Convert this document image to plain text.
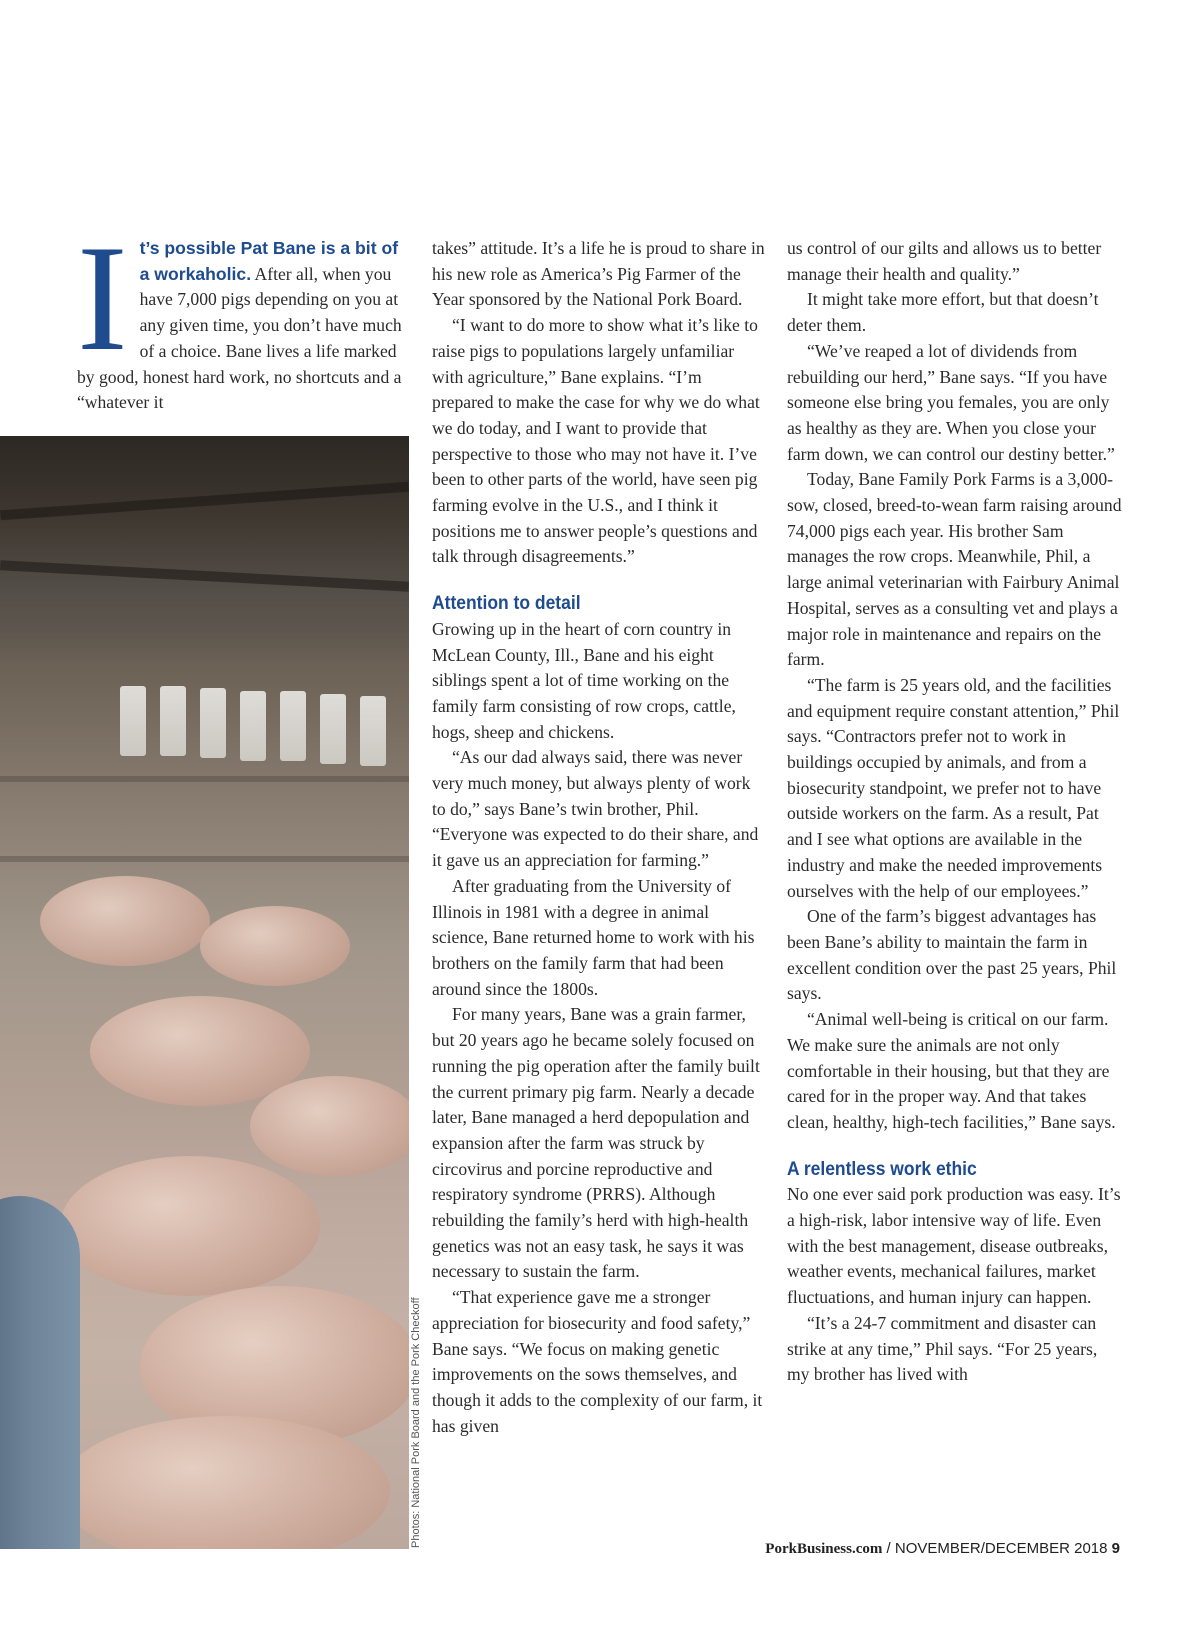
Photos: National Pork Board and the Pork Checkoff
I t’s possible Pat Bane is a bit of a workaholic. After all, when you have 7,000 pigs depending on you at any given time, you don’t have much of a choice. Bane lives a life marked by good, honest hard work, no shortcuts and a “whatever it

takes” attitude. It’s a life he is proud to share in his new role as America’s Pig Farmer of the Year sponsored by the National Pork Board.

“I want to do more to show what it’s like to raise pigs to populations largely unfamiliar with agriculture,” Bane explains. “I’m prepared to make the case for why we do what we do today, and I want to provide that perspective to those who may not have it. I’ve been to other parts of the world, have seen pig farming evolve in the U.S., and I think it positions me to answer people’s questions and talk through disagreements.”

Attention to detail

Growing up in the heart of corn country in McLean County, Ill., Bane and his eight siblings spent a lot of time working on the family farm consisting of row crops, cattle, hogs, sheep and chickens.

“As our dad always said, there was never very much money, but always plenty of work to do,” says Bane’s twin brother, Phil. “Everyone was expected to do their share, and it gave us an appreciation for farming.”

After graduating from the University of Illinois in 1981 with a degree in animal science, Bane returned home to work with his brothers on the family farm that had been around since the 1800s.

For many years, Bane was a grain farmer, but 20 years ago he became solely focused on running the pig operation after the family built the current primary pig farm. Nearly a decade later, Bane managed a herd depopulation and expansion after the farm was struck by circovirus and porcine reproductive and respiratory syndrome (PRRS). Although rebuilding the family’s herd with high-health genetics was not an easy task, he says it was necessary to sustain the farm.

“That experience gave me a stronger appreciation for biosecurity and food safety,” Bane says. “We focus on making genetic improvements on the sows themselves, and though it adds to the complexity of our farm, it has given

us control of our gilts and allows us to better manage their health and quality.”

It might take more effort, but that doesn’t deter them.

“We’ve reaped a lot of dividends from rebuilding our herd,” Bane says. “If you have someone else bring you females, you are only as healthy as they are. When you close your farm down, we can control our destiny better.”

Today, Bane Family Pork Farms is a 3,000-sow, closed, breed-to-wean farm raising around 74,000 pigs each year. His brother Sam manages the row crops. Meanwhile, Phil, a large animal veterinarian with Fairbury Animal Hospital, serves as a consulting vet and plays a major role in maintenance and repairs on the farm.

“The farm is 25 years old, and the facilities and equipment require constant attention,” Phil says. “Contractors prefer not to work in buildings occupied by animals, and from a biosecurity standpoint, we prefer not to have outside workers on the farm. As a result, Pat and I see what options are available in the industry and make the needed improvements ourselves with the help of our employees.”

One of the farm’s biggest advantages has been Bane’s ability to maintain the farm in excellent condition over the past 25 years, Phil says.

“Animal well-being is critical on our farm. We make sure the animals are not only comfortable in their housing, but that they are cared for in the proper way. And that takes clean, healthy, high-tech facilities,” Bane says.

A relentless work ethic

No one ever said pork production was easy. It’s a high-risk, labor intensive way of life. Even with the best management, disease outbreaks, weather events, mechanical failures, market fluctuations, and human injury can happen.

“It’s a 24-7 commitment and disaster can strike at any time,” Phil says. “For 25 years, my brother has lived with

PorkBusiness.com / NOVEMBER/DECEMBER 2018 9
